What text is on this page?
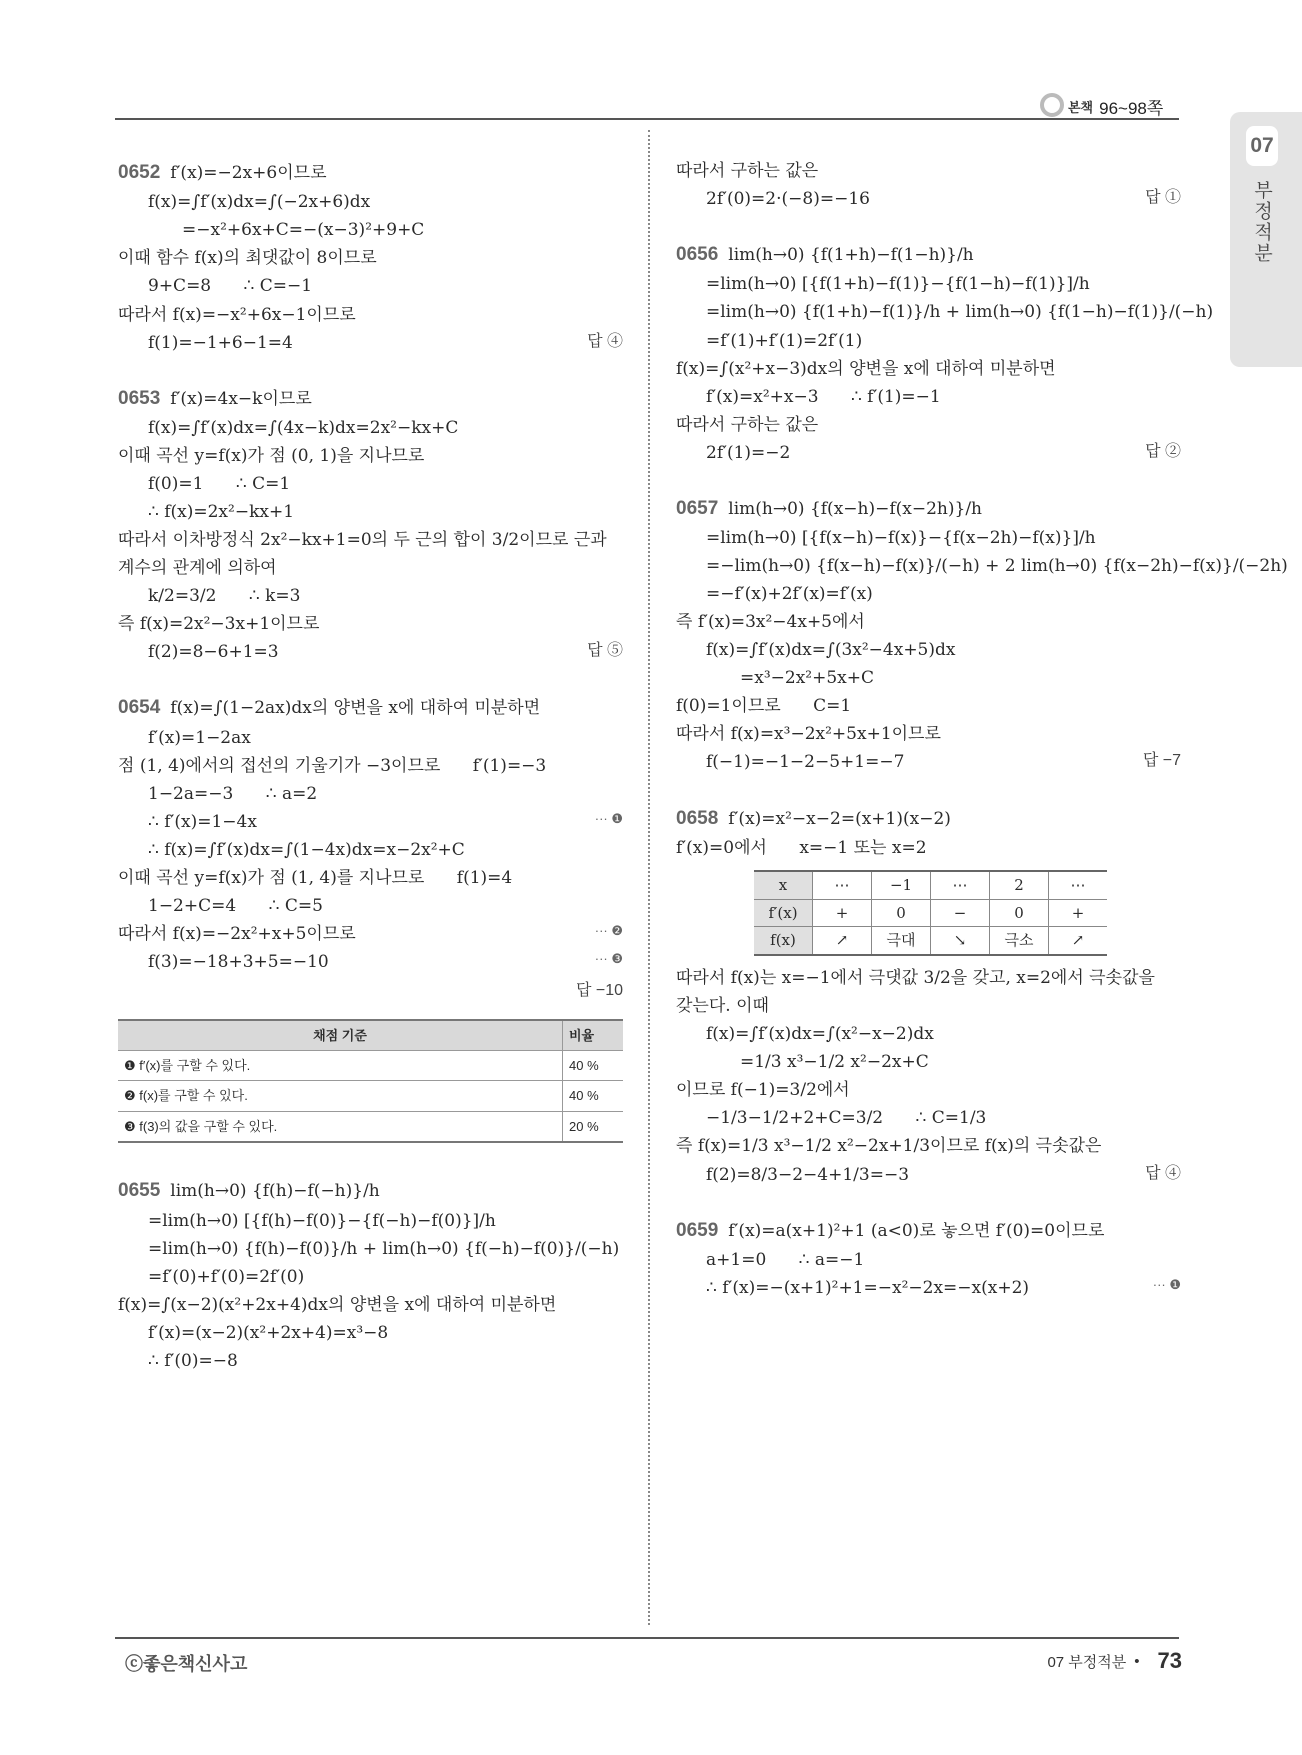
본책 96~98쪽
07
부정적분

0652 f′(x)=−2x+6이므로

f(x)=∫f′(x)dx=∫(−2x+6)dx

=−x²+6x+C=−(x−3)²+9+C

이때 함수 f(x)의 최댓값이 8이므로

9+C=8      ∴ C=−1

따라서 f(x)=−x²+6x−1이므로

f(1)=−1+6−1=4	답 ④

0653 f′(x)=4x−k이므로

f(x)=∫f′(x)dx=∫(4x−k)dx=2x²−kx+C

이때 곡선 y=f(x)가 점 (0, 1)을 지나므로

f(0)=1      ∴ C=1

∴ f(x)=2x²−kx+1

따라서 이차방정식 2x²−kx+1=0의 두 근의 합이 3/2이므로 근과

계수의 관계에 의하여

k/2=3/2      ∴ k=3

즉 f(x)=2x²−3x+1이므로

f(2)=8−6+1=3	답 ⑤

0654 f(x)=∫(1−2ax)dx의 양변을 x에 대하여 미분하면

f′(x)=1−2ax

점 (1, 4)에서의 접선의 기울기가 −3이므로      f′(1)=−3

1−2a=−3      ∴ a=2

∴ f′(x)=1−4x	··· ❶

∴ f(x)=∫f′(x)dx=∫(1−4x)dx=x−2x²+C

이때 곡선 y=f(x)가 점 (1, 4)를 지나므로      f(1)=4

1−2+C=4      ∴ C=5

따라서 f(x)=−2x²+x+5이므로	··· ❷

f(3)=−18+3+5=−10	··· ❸
답 −10
채점 기준	비율
❶ f′(x)를 구할 수 있다.	40 %
❷ f(x)를 구할 수 있다.	40 %
❸ f(3)의 값을 구할 수 있다.	20 %

0655 lim(h→0) {f(h)−f(−h)}/h

=lim(h→0) [{f(h)−f(0)}−{f(−h)−f(0)}]/h

=lim(h→0) {f(h)−f(0)}/h + lim(h→0) {f(−h)−f(0)}/(−h)

=f′(0)+f′(0)=2f′(0)

f(x)=∫(x−2)(x²+2x+4)dx의 양변을 x에 대하여 미분하면

f′(x)=(x−2)(x²+2x+4)=x³−8

∴ f′(0)=−8

따라서 구하는 값은

2f′(0)=2·(−8)=−16	답 ①

0656 lim(h→0) {f(1+h)−f(1−h)}/h

=lim(h→0) [{f(1+h)−f(1)}−{f(1−h)−f(1)}]/h

=lim(h→0) {f(1+h)−f(1)}/h + lim(h→0) {f(1−h)−f(1)}/(−h)

=f′(1)+f′(1)=2f′(1)

f(x)=∫(x²+x−3)dx의 양변을 x에 대하여 미분하면

f′(x)=x²+x−3      ∴ f′(1)=−1

따라서 구하는 값은

2f′(1)=−2	답 ②

0657 lim(h→0) {f(x−h)−f(x−2h)}/h

=lim(h→0) [{f(x−h)−f(x)}−{f(x−2h)−f(x)}]/h

=−lim(h→0) {f(x−h)−f(x)}/(−h) + 2 lim(h→0) {f(x−2h)−f(x)}/(−2h)

=−f′(x)+2f′(x)=f′(x)

즉 f′(x)=3x²−4x+5에서

f(x)=∫f′(x)dx=∫(3x²−4x+5)dx

=x³−2x²+5x+C

f(0)=1이므로      C=1

따라서 f(x)=x³−2x²+5x+1이므로

f(−1)=−1−2−5+1=−7	답 −7

0658 f′(x)=x²−x−2=(x+1)(x−2)

f′(x)=0에서      x=−1 또는 x=2

x	⋯	−1	⋯	2	⋯
f′(x)	+	0	−	0	+
f(x)	↗	극대	↘	극소	↗

따라서 f(x)는 x=−1에서 극댓값 3/2을 갖고, x=2에서 극솟값을

갖는다. 이때

f(x)=∫f′(x)dx=∫(x²−x−2)dx

=1/3 x³−1/2 x²−2x+C

이므로 f(−1)=3/2에서

−1/3−1/2+2+C=3/2      ∴ C=1/3

즉 f(x)=1/3 x³−1/2 x²−2x+1/3이므로 f(x)의 극솟값은

f(2)=8/3−2−4+1/3=−3	답 ④

0659 f′(x)=a(x+1)²+1 (a<0)로 놓으면 f′(0)=0이므로

a+1=0      ∴ a=−1

∴ f′(x)=−(x+1)²+1=−x²−2x=−x(x+2)	··· ❶
ⓒ좋은책신사고	07 부정적분 • 73
